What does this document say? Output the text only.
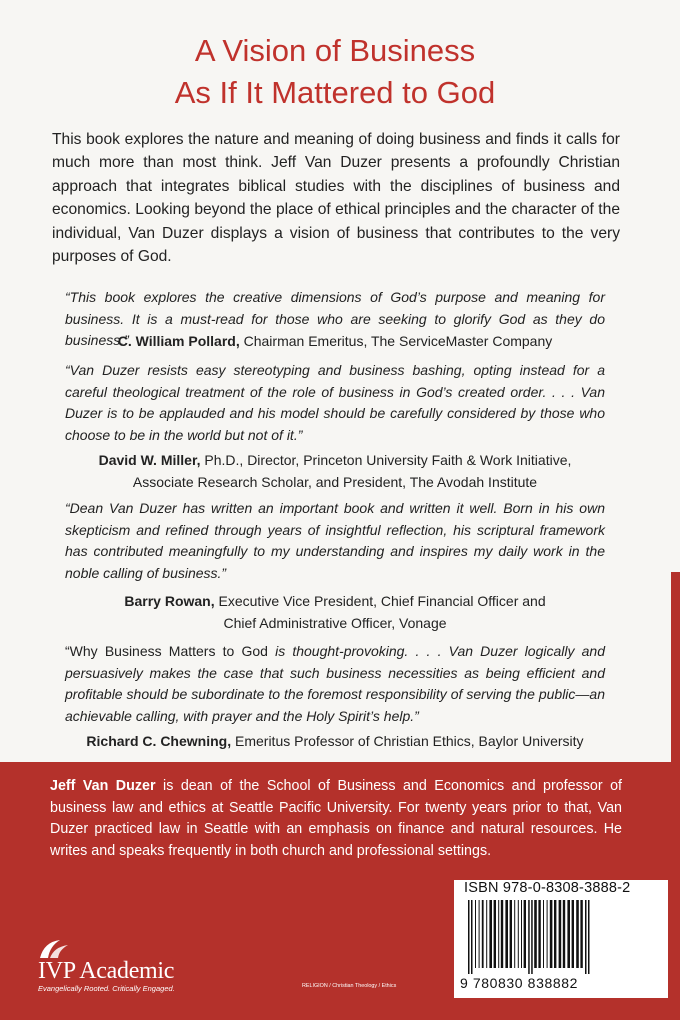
A Vision of Business
As If It Mattered to God
This book explores the nature and meaning of doing business and finds it calls for much more than most think. Jeff Van Duzer presents a profoundly Christian approach that integrates biblical studies with the disciplines of business and economics. Looking beyond the place of ethical principles and the character of the individual, Van Duzer displays a vision of business that contributes to the very purposes of God.
“This book explores the creative dimensions of God’s purpose and meaning for business. It is a must-read for those who are seeking to glorify God as they do business.”
C. William Pollard, Chairman Emeritus, The ServiceMaster Company
“Van Duzer resists easy stereotyping and business bashing, opting instead for a careful theological treatment of the role of business in God’s created order. . . . Van Duzer is to be applauded and his model should be carefully considered by those who choose to be in the world but not of it.”
David W. Miller, Ph.D., Director, Princeton University Faith & Work Initiative,
Associate Research Scholar, and President, The Avodah Institute
“Dean Van Duzer has written an important book and written it well. Born in his own skepticism and refined through years of insightful reflection, his scriptural framework has contributed meaningfully to my understanding and inspires my daily work in the noble calling of business.”
Barry Rowan, Executive Vice President, Chief Financial Officer and
Chief Administrative Officer, Vonage
“Why Business Matters to God is thought-provoking. . . . Van Duzer logically and persuasively makes the case that such business necessities as being efficient and profitable should be subordinate to the foremost responsibility of serving the public—an achievable calling, with prayer and the Holy Spirit’s help.”
Richard C. Chewning, Emeritus Professor of Christian Ethics, Baylor University
Jeff Van Duzer is dean of the School of Business and Economics and professor of business law and ethics at Seattle Pacific University. For twenty years prior to that, Van Duzer practiced law in Seattle with an emphasis on finance and natural resources. He writes and speaks frequently in both church and professional settings.
IVP Academic
Evangelically Rooted. Critically Engaged.	RELIGION / Christian Theology / Ethics
ISBN 978-0-8308-3888-2
9 780830 838882
